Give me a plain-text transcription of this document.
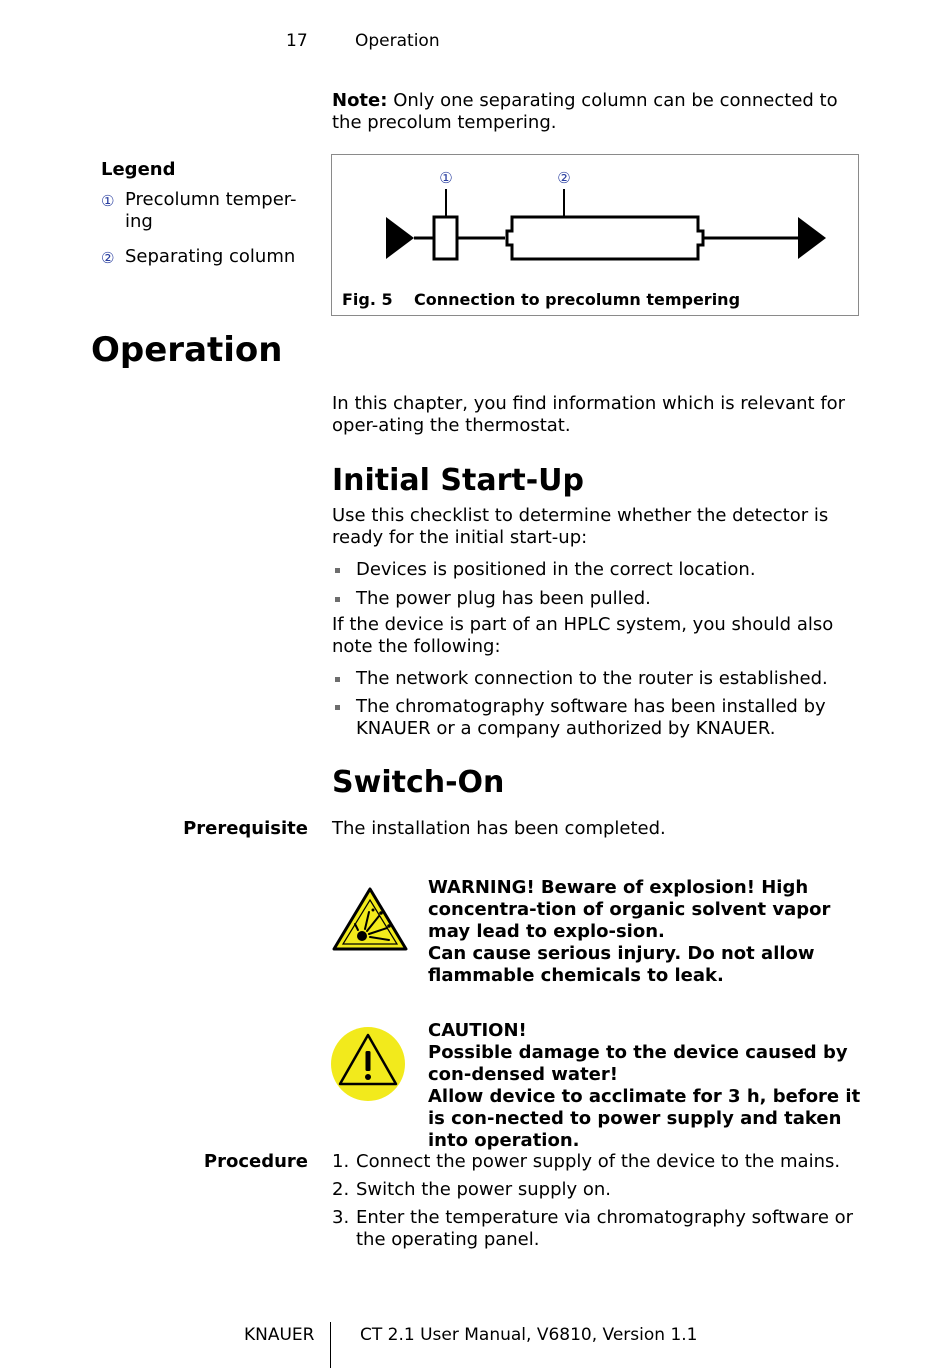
17	Operation
Note: Only one separating column can be connected to the precolum tempering.
Legend
① Precolumn temper-ing
② Separating column
①	②
Fig. 5 Connection to precolumn tempering
Operation

In this chapter, you find information which is relevant for oper-ating the thermostat.

Initial Start-Up

Use this checklist to determine whether the detector is ready for the initial start-up:

Devices is positioned in the correct location.
The power plug has been pulled.

If the device is part of an HPLC system, you should also note the following:

The network connection to the router is established.
The chromatography software has been installed by KNAUER or a company authorized by KNAUER.
Switch-On
Prerequisite The installation has been completed.

WARNING! Beware of explosion! High concentra-tion of organic solvent vapor may lead to explo-sion.
Can cause serious injury. Do not allow flammable chemicals to leak.
CAUTION!
Possible damage to the device caused by con-densed water!
Allow device to acclimate for 3 h, before it is con-nected to power supply and taken into operation.
Procedure 1. Connect the power supply of the device to the mains.
2. Switch the power supply on.
3. Enter the temperature via chromatography software or the operating panel.
KNAUER	CT 2.1 User Manual, V6810, Version 1.1
